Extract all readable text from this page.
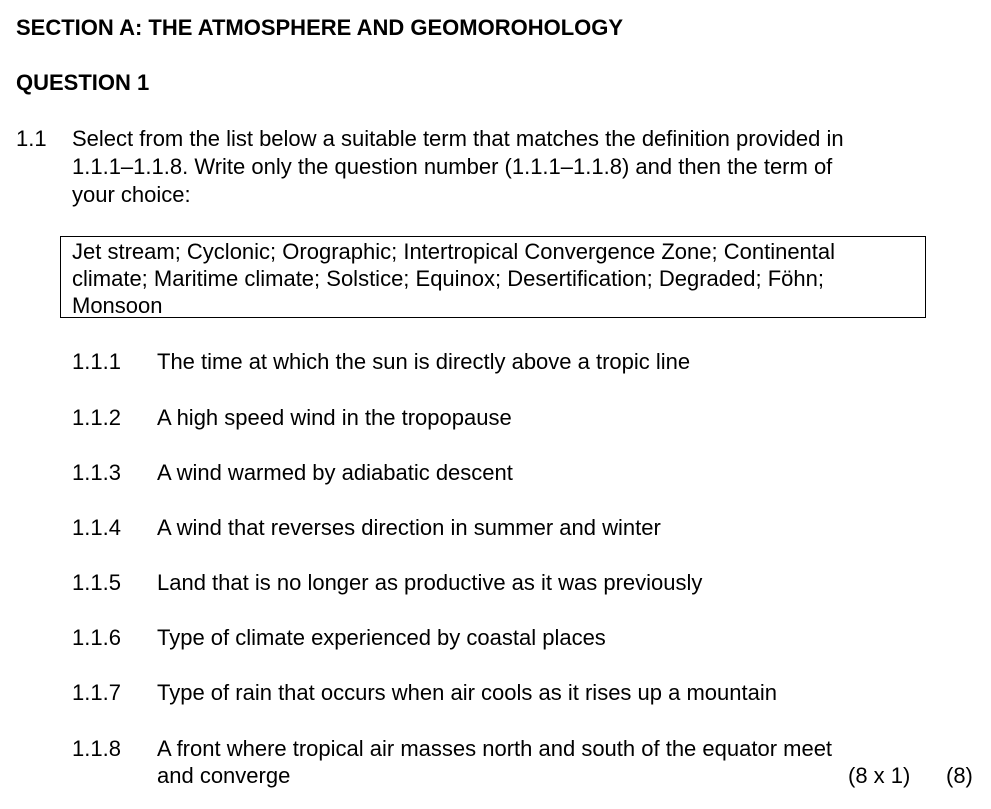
SECTION A: THE ATMOSPHERE AND GEOMOROHOLOGY
QUESTION 1
1.1 Select from the list below a suitable term that matches the definition provided in
1.1.1–1.1.8. Write only the question number (1.1.1–1.1.8) and then the term of
your choice:
Jet stream; Cyclonic; Orographic; Intertropical Convergence Zone; Continental
climate; Maritime climate; Solstice; Equinox; Desertification; Degraded; Föhn;
Monsoon
1.1.1 The time at which the sun is directly above a tropic line
1.1.2 A high speed wind in the tropopause
1.1.3 A wind warmed by adiabatic descent
1.1.4 A wind that reverses direction in summer and winter
1.1.5 Land that is no longer as productive as it was previously
1.1.6 Type of climate experienced by coastal places
1.1.7 Type of rain that occurs when air cools as it rises up a mountain
1.1.8 A front where tropical air masses north and south of the equator meet
and converge	(8 x 1) (8)
